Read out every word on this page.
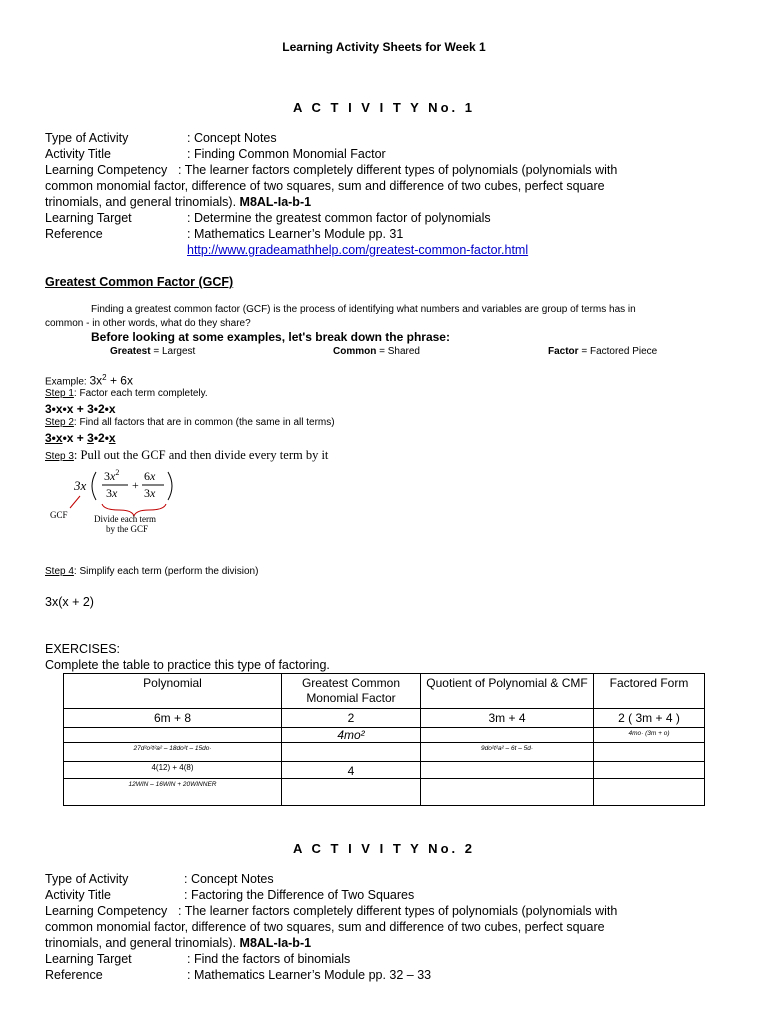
Learning Activity Sheets for Week 1
A C T I V I T Y No. 1
Type of Activity	: Concept Notes
Activity Title	: Finding Common Monomial Factor
Learning Competency : The learner factors completely different types of polynomials (polynomials with
common monomial factor, difference of two squares, sum and difference of two cubes, perfect square
trinomials, and general trinomials). M8AL-Ia-b-1
Learning Target	: Determine the greatest common factor of polynomials
Reference	: Mathematics Learner’s Module pp. 31
http://www.gradeamathhelp.com/greatest-common-factor.html
Greatest Common Factor (GCF)
Finding a greatest common factor (GCF) is the process of identifying what numbers and variables are group of terms has in
common - in other words, what do they share?
Before looking at some examples, let's break down the phrase:
Greatest = Largest	Common = Shared	Factor = Factored Piece
Example: $3x^2 + 6x$
Step 1: Factor each term completely.
3•x•x + 3•2•x
Step 2: Find all factors that are in common (the same in all terms)
3•x•x + 3•2•x
Step 3: Pull out the GCF and then divide every term by it
3x
$3x^2$
3x
+
6x
3x
GCF	Divide each term
by the GCF
Step 4: Simplify each term (perform the division)
3x(x + 2)
EXERCISES:
Complete the table to practice this type of factoring.
Polynomial	Greatest Common Monomial Factor	Quotient of Polynomial & CMF	Factored Form
6m + 8	2	3m + 4	2 ( 3m + 4 )
	4mo²		4mo· (3m + o)
27d²o²t²a² – 18do²t – 15do·		9do²t²a² – 6t – 5d·	
4(12) + 4(8)	4		
12WIN – 16WIN + 20WINNER			
A C T I V I T Y No. 2
Type of Activity	: Concept Notes
Activity Title	: Factoring the Difference of Two Squares
Learning Competency : The learner factors completely different types of polynomials (polynomials with
common monomial factor, difference of two squares, sum and difference of two cubes, perfect square
trinomials, and general trinomials). M8AL-Ia-b-1
Learning Target	: Find the factors of binomials
Reference	: Mathematics Learner’s Module pp. 32 – 33
